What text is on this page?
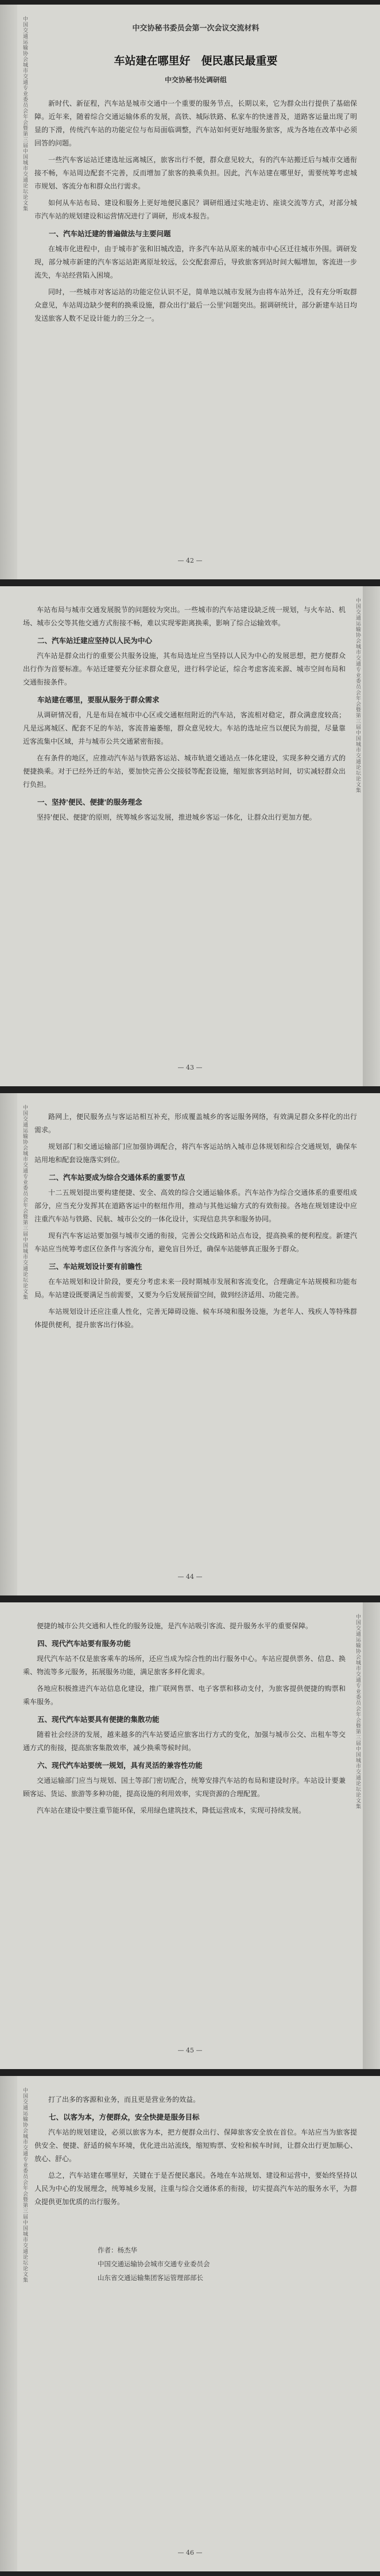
中国交通运输协会城市交通专业委员会年会暨第三届中国城市交通论坛论文集	中交协秘书委员会第一次会议交流材料
车站建在哪里好　便民惠民最重要
中交协秘书处调研组

新时代、新征程，汽车站是城市交通中一个重要的服务节点，长期以来，它为群众出行提供了基础保障。近年来，随着综合交通运输体系的发展，高铁、城际铁路、私家车的快速普及，道路客运量出现了明显的下滑，传统汽车站的功能定位与布局面临调整，汽车站如何更好地服务旅客，成为各地在改革中必须回答的问题。

一些汽车客运站迁建选址远离城区，旅客出行不便，群众意见较大，有的汽车站搬迁后与城市交通衔接不畅，车站周边配套不完善，反而增加了旅客的换乘负担。因此，汽车站建在哪里好，需要统筹考虑城市规划、客流分布和群众出行需求。

如何从车站布局、建设和服务上更好地便民惠民？调研组通过实地走访、座谈交流等方式，对部分城市汽车站的规划建设和运营情况进行了调研，形成本报告。

一、汽车站迁建的普遍做法与主要问题

在城市化进程中，由于城市扩张和旧城改造，许多汽车站从原来的城市中心区迁往城市外围。调研发现，部分城市新建的汽车客运站距离原址较远，公交配套滞后，导致旅客到站时间大幅增加，客流进一步流失，车站经营陷入困境。

同时，一些城市对客运站的功能定位认识不足，简单地以城市发展为由将车站外迁，没有充分听取群众意见，车站周边缺少便利的换乘设施，群众出行'最后一公里'问题突出。据调研统计，部分新建车站日均发送旅客人数不足设计能力的三分之一。

— 42 —
中国交通运输协会城市交通专业委员会年会暨第三届中国城市交通论坛论文集

车站布局与城市交通发展脱节的问题较为突出。一些城市的汽车站建设缺乏统一规划，与火车站、机场、城市公交等其他交通方式衔接不畅，难以实现零距离换乘，影响了综合运输效率。

二、汽车站迁建应坚持以人民为中心

汽车站是群众出行的重要公共服务设施，其布局选址应当坚持以人民为中心的发展思想，把方便群众出行作为首要标准。车站迁建要充分征求群众意见，进行科学论证，综合考虑客流来源、城市空间布局和交通衔接条件。

车站建在哪里，要服从服务于群众需求

从调研情况看，凡是布局在城市中心区或交通枢纽附近的汽车站，客流相对稳定，群众满意度较高；凡是远离城区、配套不足的车站，客流普遍萎缩，群众意见较大。车站的选址应当以便民为前提，尽量靠近客流集中区域，并与城市公共交通紧密衔接。

在有条件的地区，应推动汽车站与铁路客运站、城市轨道交通站点一体化建设，实现多种交通方式的便捷换乘。对于已经外迁的车站，要加快完善公交接驳等配套设施，缩短旅客到站时间，切实减轻群众出行负担。

一、坚持'便民、便捷'的服务理念

坚持'便民、便捷'的原则，统筹城乡客运发展，推进城乡客运一体化，让群众出行更加方便。

— 43 —
中国交通运输协会城市交通专业委员会年会暨第三届中国城市交通论坛论文集	路网上，便民服务点与客运站相互补充，形成覆盖城乡的客运服务网络，有效满足群众多样化的出行需求。

规划部门和交通运输部门应加强协调配合，将汽车客运站纳入城市总体规划和综合交通规划，确保车站用地和配套设施落实到位。

二、汽车站要成为综合交通体系的重要节点

十二五规划提出要构建便捷、安全、高效的综合交通运输体系。汽车站作为综合交通体系的重要组成部分，应当充分发挥其在道路客运中的枢纽作用，推动与其他运输方式的有效衔接。各地在规划建设中应注重汽车站与铁路、民航、城市公交的一体化设计，实现信息共享和服务协同。

现有汽车客运站要加强与城市交通的衔接，完善公交线路和站点布设，提高换乘的便利程度。新建汽车站应当统筹考虑区位条件与客流分布，避免盲目外迁，确保车站能够真正服务于群众。

三、车站规划设计要有前瞻性

在车站规划和设计阶段，要充分考虑未来一段时期城市发展和客流变化，合理确定车站规模和功能布局。车站建设既要满足当前需要，又要为今后发展预留空间，做到经济适用、功能完善。

车站规划设计还应注重人性化，完善无障碍设施、候车环境和服务设施，为老年人、残疾人等特殊群体提供便利，提升旅客出行体验。

— 44 —
中国交通运输协会城市交通专业委员会年会暨第三届中国城市交通论坛论文集

便捷的城市公共交通和人性化的服务设施，是汽车站吸引客流、提升服务水平的重要保障。

四、现代汽车站要有服务功能

现代汽车站不仅是旅客乘车的场所，还应当成为综合性的出行服务中心。车站应提供票务、信息、换乘、物流等多元服务，拓展服务功能，满足旅客多样化需求。

各地应积极推进汽车站信息化建设，推广联网售票、电子客票和移动支付，为旅客提供便捷的购票和乘车服务。

五、现代汽车站要具有便捷的集散功能

随着社会经济的发展，越来越多的汽车站要适应旅客出行方式的变化，加强与城市公交、出租车等交通方式的衔接，提高旅客集散效率，减少换乘等候时间。

六、现代汽车站要统一规划，具有灵活的兼容性功能

交通运输部门应当与规划、国土等部门密切配合，统筹安排汽车站的布局和建设时序。车站设计要兼顾客运、货运、旅游等多种功能，提高设施的利用效率，实现资源的合理配置。

汽车站在建设中要注重节能环保，采用绿色建筑技术，降低运营成本，实现可持续发展。

— 45 —
中国交通运输协会城市交通专业委员会年会暨第三届中国城市交通论坛论文集	打了出多的客源和业务，而且更是营业务的效益。

七、以客为本，方便群众，安全快捷是服务目标

汽车站的规划建设，必须以旅客为本，把方便群众出行、保障旅客安全放在首位。车站应当为旅客提供安全、便捷、舒适的候车环境，优化进出站流线，缩短购票、安检和候车时间，让群众出行更加顺心、放心、舒心。

总之，汽车站建在哪里好，关键在于是否便民惠民。各地在车站规划、建设和运营中，要始终坚持以人民为中心的发展理念，统筹城乡发展，注重与综合交通体系的衔接，切实提高汽车站的服务水平，为群众提供更加优质的出行服务。

作者：杨杰华
中国交通运输协会城市交通专业委员会
山东省交通运输集团客运管理部部长
— 46 —
